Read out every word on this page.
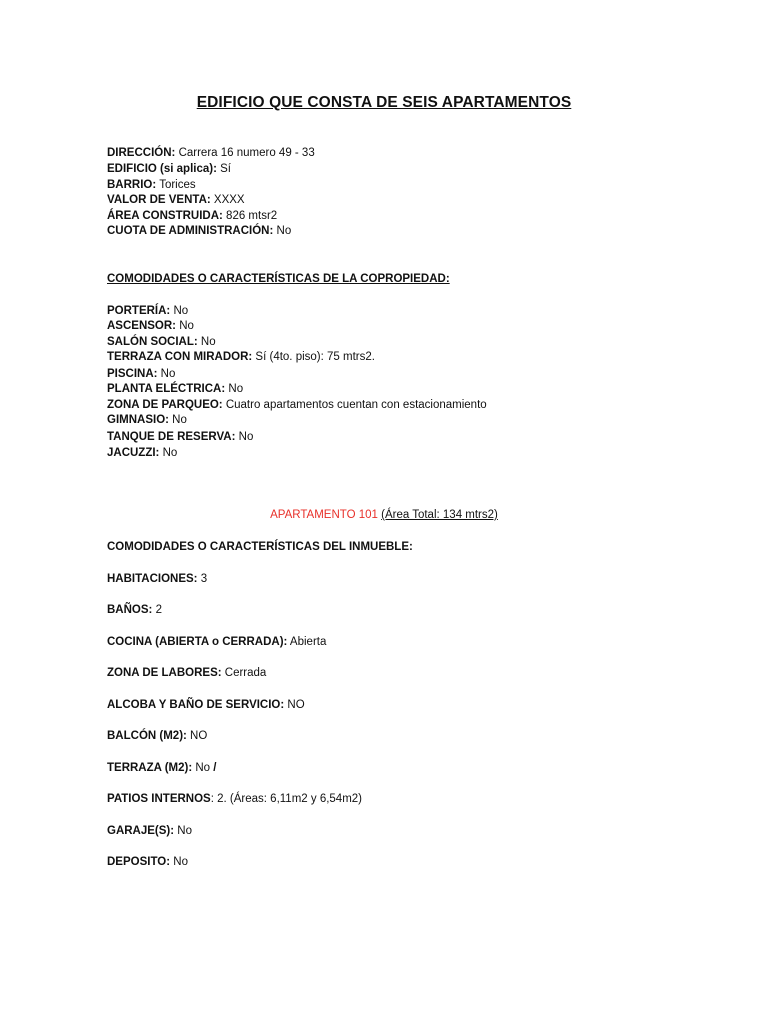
EDIFICIO QUE CONSTA DE SEIS APARTAMENTOS
DIRECCIÓN: Carrera 16 numero 49 - 33
EDIFICIO (si aplica): Sí
BARRIO: Torices
VALOR DE VENTA: XXXX
ÁREA CONSTRUIDA: 826 mtsr2
CUOTA DE ADMINISTRACIÓN: No
COMODIDADES O CARACTERÍSTICAS DE LA COPROPIEDAD:
PORTERÍA: No
ASCENSOR: No
SALÓN SOCIAL: No
TERRAZA CON MIRADOR: Sí (4to. piso): 75 mtrs2.
PISCINA: No
PLANTA ELÉCTRICA: No
ZONA DE PARQUEO: Cuatro apartamentos cuentan con estacionamiento
GIMNASIO: No
TANQUE DE RESERVA: No
JACUZZI: No
APARTAMENTO 101 (Área Total: 134 mtrs2)
COMODIDADES O CARACTERÍSTICAS DEL INMUEBLE:
HABITACIONES: 3
BAÑOS: 2
COCINA (ABIERTA o CERRADA): Abierta
ZONA DE LABORES: Cerrada
ALCOBA Y BAÑO DE SERVICIO: NO
BALCÓN (M2): NO
TERRAZA (M2): No /
PATIOS INTERNOS: 2. (Áreas: 6,11m2 y 6,54m2)
GARAJE(S): No
DEPOSITO: No
